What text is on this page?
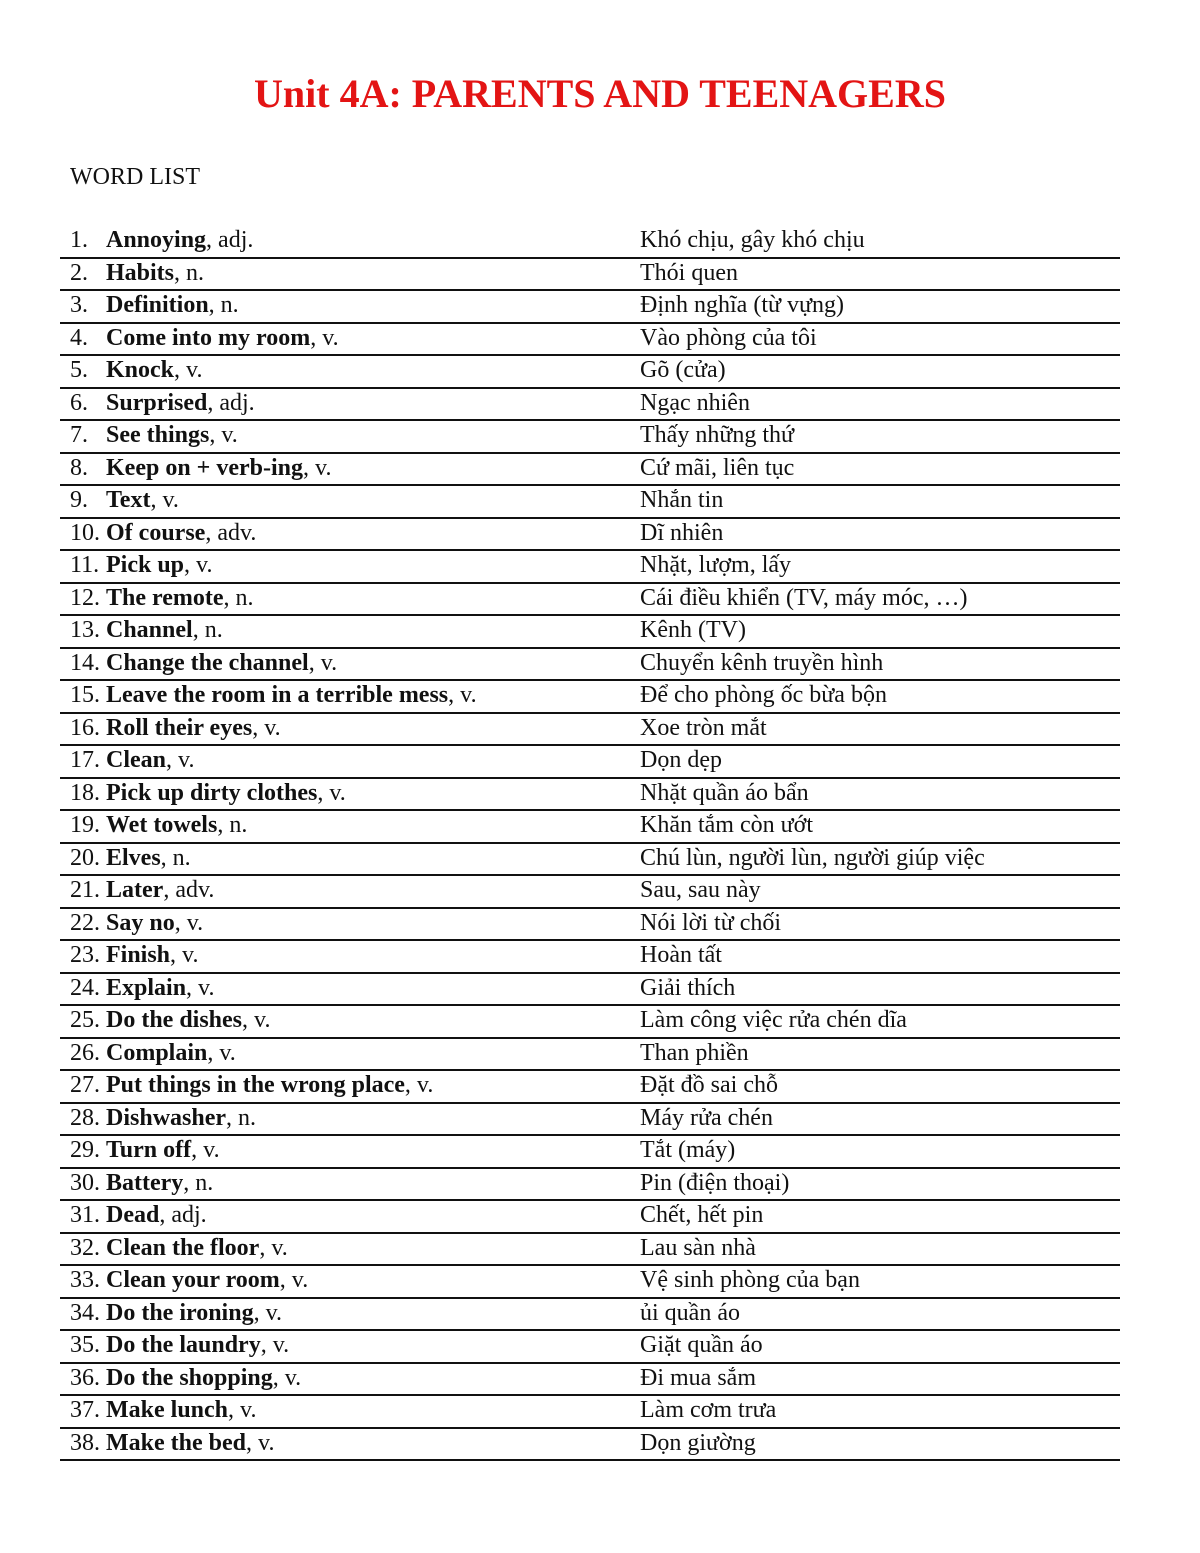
Unit 4A: PARENTS AND TEENAGERS
WORD LIST
1. Annoying, adj.	Khó chịu, gây khó chịu
2. Habits, n.	Thói quen
3. Definition, n.	Định nghĩa (từ vựng)
4. Come into my room, v.	Vào phòng của tôi
5. Knock, v.	Gõ (cửa)
6. Surprised, adj.	Ngạc nhiên
7. See things, v.	Thấy những thứ
8. Keep on + verb-ing, v.	Cứ mãi, liên tục
9. Text, v.	Nhắn tin
10. Of course, adv.	Dĩ nhiên
11. Pick up, v.	Nhặt, lượm, lấy
12. The remote, n.	Cái điều khiển (TV, máy móc, …)
13. Channel, n.	Kênh (TV)
14. Change the channel, v.	Chuyển kênh truyền hình
15. Leave the room in a terrible mess, v.	Để cho phòng ốc bừa bộn
16. Roll their eyes, v.	Xoe tròn mắt
17. Clean, v.	Dọn dẹp
18. Pick up dirty clothes, v.	Nhặt quần áo bẩn
19. Wet towels, n.	Khăn tắm còn ướt
20. Elves, n.	Chú lùn, người lùn, người giúp việc
21. Later, adv.	Sau, sau này
22. Say no, v.	Nói lời từ chối
23. Finish, v.	Hoàn tất
24. Explain, v.	Giải thích
25. Do the dishes, v.	Làm công việc rửa chén dĩa
26. Complain, v.	Than phiền
27. Put things in the wrong place, v.	Đặt đồ sai chỗ
28. Dishwasher, n.	Máy rửa chén
29. Turn off, v.	Tắt (máy)
30. Battery, n.	Pin (điện thoại)
31. Dead, adj.	Chết, hết pin
32. Clean the floor, v.	Lau sàn nhà
33. Clean your room, v.	Vệ sinh phòng của bạn
34. Do the ironing, v.	ủi quần áo
35. Do the laundry, v.	Giặt quần áo
36. Do the shopping, v.	Đi mua sắm
37. Make lunch, v.	Làm cơm trưa
38. Make the bed, v.	Dọn giường
